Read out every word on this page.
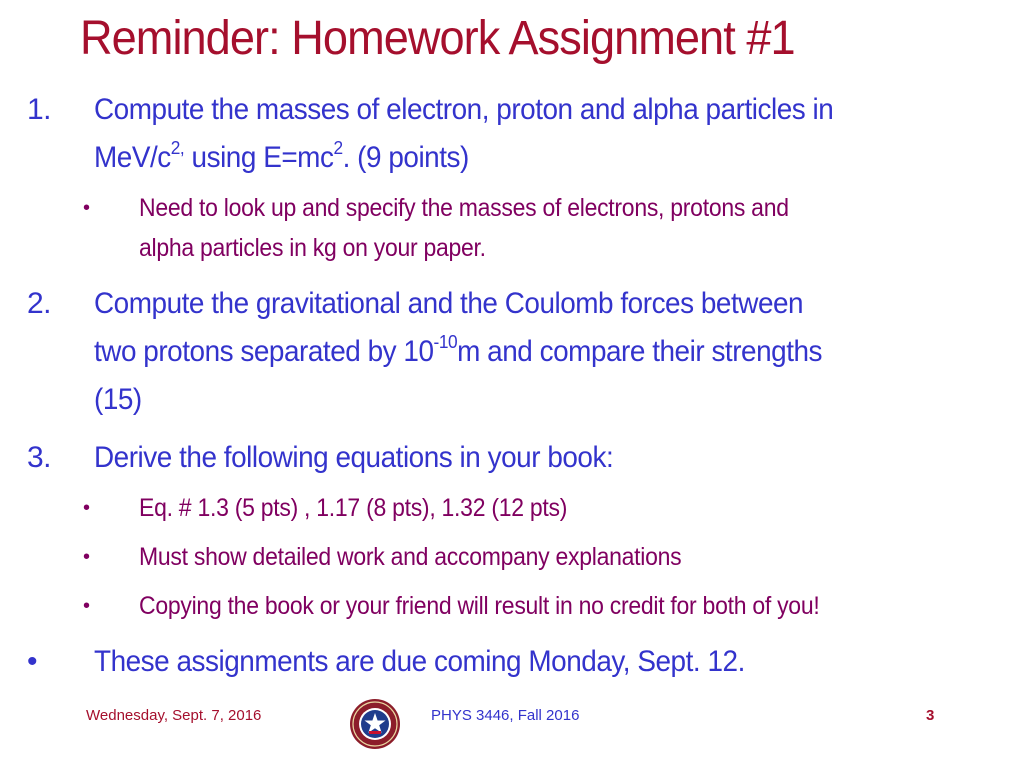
Reminder: Homework Assignment #1
1. Compute the masses of electron, proton and alpha particles in
MeV/$c^{2,}$ using $E=mc^2$. (9 points)
• Need to look up and specify the masses of electrons, protons and
alpha particles in kg on your paper.
2. Compute the gravitational and the Coulomb forces between
two protons separated by $10^{-10}m$ and compare their strengths
(15)
3. Derive the following equations in your book:
• Eq. # 1.3 (5 pts) , 1.17 (8 pts), 1.32 (12 pts)
• Must show detailed work and accompany explanations
• Copying the book or your friend will result in no credit for both of you!
• These assignments are due coming Monday, Sept. 12.
Wednesday, Sept. 7, 2016	PHYS 3446, Fall 2016	3
